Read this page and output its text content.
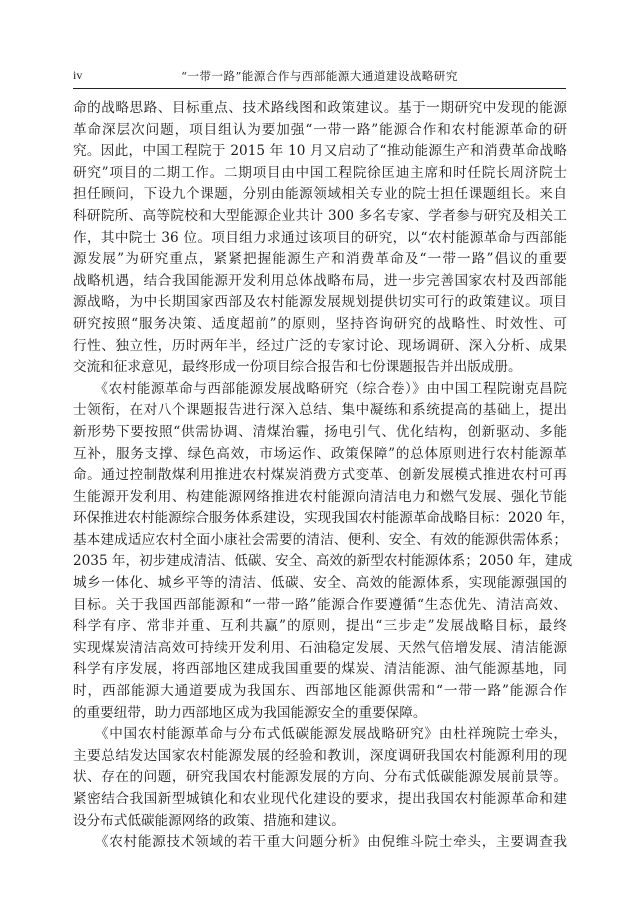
iv	“一带一路”能源合作与西部能源大通道建设战略研究
命的战略思路、目标重点、技术路线图和政策建议。基于一期研究中发现的能源
革命深层次问题，项目组认为要加强“一带一路”能源合作和农村能源革命的研
究。因此，中国工程院于 2015 年 10 月又启动了“推动能源生产和消费革命战略
研究”项目的二期工作。二期项目由中国工程院徐匡迪主席和时任院长周济院士
担任顾问，下设九个课题，分别由能源领域相关专业的院士担任课题组长。来自
科研院所、高等院校和大型能源企业共计 300 多名专家、学者参与研究及相关工
作，其中院士 36 位。项目组力求通过该项目的研究，以“农村能源革命与西部能
源发展”为研究重点，紧紧把握能源生产和消费革命及“一带一路”倡议的重要
战略机遇，结合我国能源开发利用总体战略布局，进一步完善国家农村及西部能
源战略，为中长期国家西部及农村能源发展规划提供切实可行的政策建议。项目
研究按照“服务决策、适度超前”的原则，坚持咨询研究的战略性、时效性、可
行性、独立性，历时两年半，经过广泛的专家讨论、现场调研、深入分析、成果
交流和征求意见，最终形成一份项目综合报告和七份课题报告并出版成册。
　　《农村能源革命与西部能源发展战略研究（综合卷）》由中国工程院谢克昌院
士领衔，在对八个课题报告进行深入总结、集中凝练和系统提高的基础上，提出
新形势下要按照“供需协调、清煤治霾，扬电引气、优化结构，创新驱动、多能
互补，服务支撑、绿色高效，市场运作、政策保障”的总体原则进行农村能源革
命。通过控制散煤利用推进农村煤炭消费方式变革、创新发展模式推进农村可再
生能源开发利用、构建能源网络推进农村能源向清洁电力和燃气发展、强化节能
环保推进农村能源综合服务体系建设，实现我国农村能源革命战略目标：2020 年，
基本建成适应农村全面小康社会需要的清洁、便利、安全、有效的能源供需体系；
2035 年，初步建成清洁、低碳、安全、高效的新型农村能源体系；2050 年，建成
城乡一体化、城乡平等的清洁、低碳、安全、高效的能源体系，实现能源强国的
目标。关于我国西部能源和“一带一路”能源合作要遵循“生态优先、清洁高效、
科学有序、常非并重、互利共赢”的原则，提出“三步走”发展战略目标，最终
实现煤炭清洁高效可持续开发利用、石油稳定发展、天然气倍增发展、清洁能源
科学有序发展，将西部地区建成我国重要的煤炭、清洁能源、油气能源基地，同
时，西部能源大通道要成为我国东、西部地区能源供需和“一带一路”能源合作
的重要纽带，助力西部地区成为我国能源安全的重要保障。
　　《中国农村能源革命与分布式低碳能源发展战略研究》由杜祥琬院士牵头，
主要总结发达国家农村能源发展的经验和教训，深度调研我国农村能源利用的现
状、存在的问题，研究我国农村能源发展的方向、分布式低碳能源发展前景等。
紧密结合我国新型城镇化和农业现代化建设的要求，提出我国农村能源革命和建
设分布式低碳能源网络的政策、措施和建议。
　　《农村能源技术领域的若干重大问题分析》由倪维斗院士牵头，主要调查我
